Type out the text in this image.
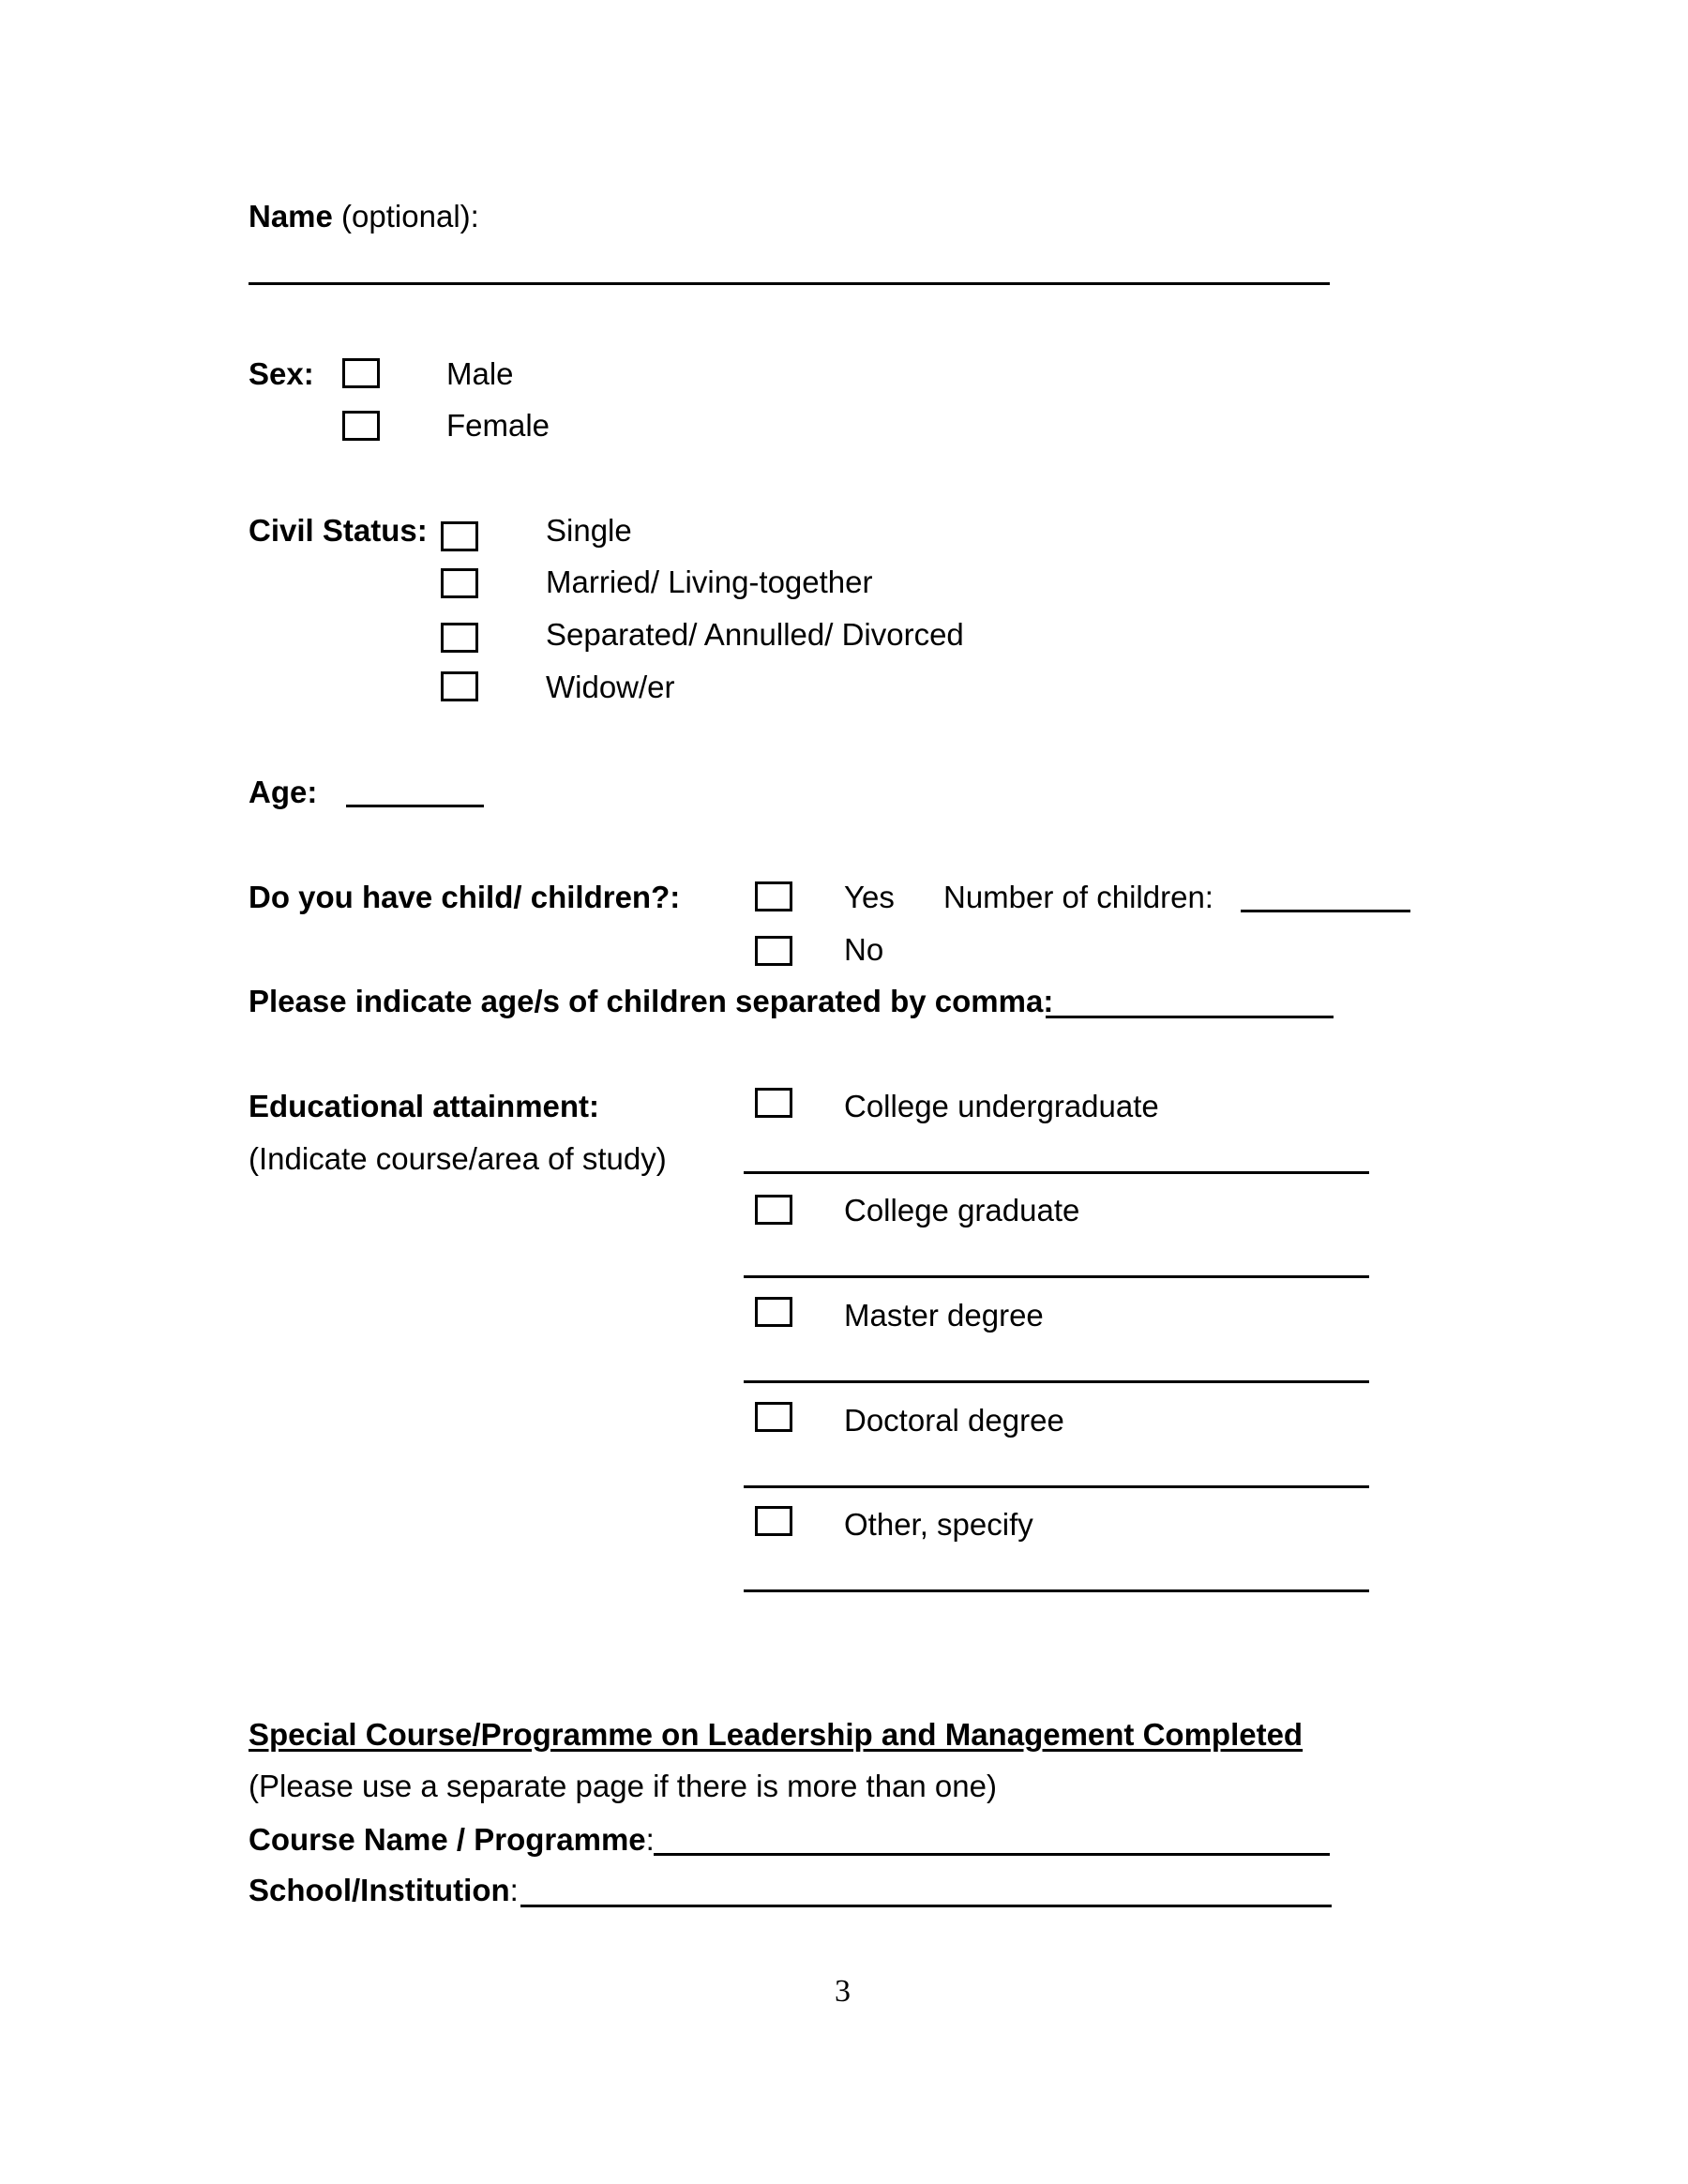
Name (optional):
Sex:	Male
Female
Civil Status:	Single
Married/ Living-together
Separated/ Annulled/ Divorced
Widow/er
Age:
Do you have child/ children?:	Yes Number of children:
No
Please indicate age/s of children separated by comma:
Educational attainment:
(Indicate course/area of study)
College undergraduate
College graduate
Master degree
Doctoral degree
Other, specify
Special Course/Programme on Leadership and Management Completed
(Please use a separate page if there is more than one)
Course Name / Programme:
School/Institution:
3
